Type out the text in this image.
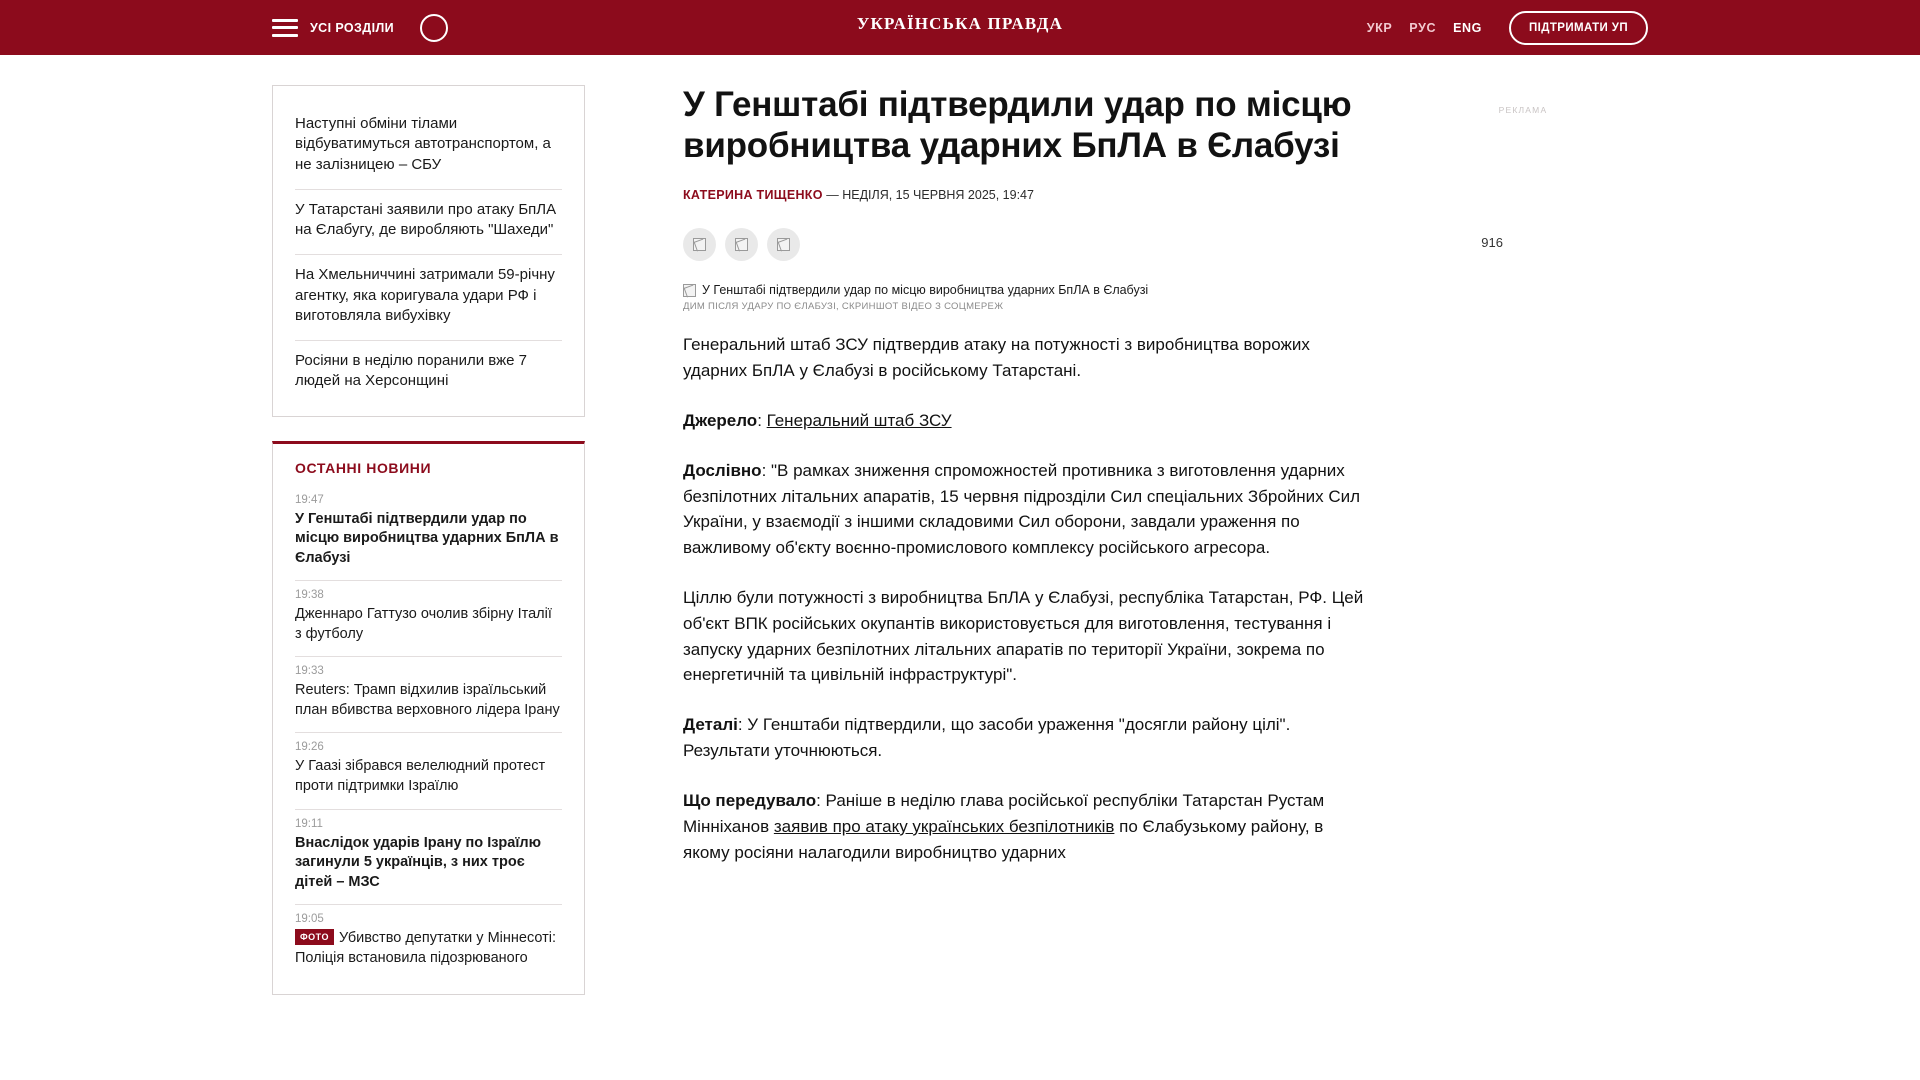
УСІ РОЗДІЛИ	УКРАЇНСЬКА ПРАВДА	УКР РУС ENG	ПІДТРИМАТИ УП
Наступні обміни тілами відбуватимуться автотранспортом, а не залізницею – СБУ
У Татарстані заявили про атаку БпЛА на Єлабугу, де виробляють "Шахеди"
На Хмельниччині затримали 59-річну агентку, яка коригувала удари РФ і виготовляла вибухівку
Росіяни в неділю поранили вже 7 людей на Херсонщині
ОСТАННІ НОВИНИ
19:47
У Генштабі підтвердили удар по місцю виробництва ударних БпЛА в Єлабузі
19:38
Дженнаро Гаттузо очолив збірну Італії з футболу
19:33
Reuters: Трамп відхилив ізраїльський план вбивства верховного лідера Ірану
19:26
У Гаазі зібрався велелюдний протест проти підтримки Ізраїлю
19:11
Внаслідок ударів Ірану по Ізраїлю загинули 5 українців, з них троє дітей – МЗС
19:05
ФОТО Убивство депутатки у Міннесоті: Поліція встановила підозрюваного
У Генштабі підтвердили удар по місцю виробництва ударних БпЛА в Єлабузі
КАТЕРИНА ТИЩЕНКО — НЕДІЛЯ, 15 ЧЕРВНЯ 2025, 19:47
916
У Генштабі підтвердили удар по місцю виробництва ударних БпЛА в Єлабузі
ДИМ ПІСЛЯ УДАРУ ПО ЄЛАБУЗІ, СКРИНШОТ ВІДЕО З СОЦМЕРЕЖ

Генеральний штаб ЗСУ підтвердив атаку на потужності з виробництва ворожих ударних БпЛА у Єлабузі в російському Татарстані.

Джерело: Генеральний штаб ЗСУ

Дослівно: "В рамках зниження спроможностей противника з виготовлення ударних безпілотних літальних апаратів, 15 червня підрозділи Сил спеціальних Збройних Сил України, у взаємодії з іншими складовими Сил оборони, завдали ураження по важливому об'єкту воєнно-промислового комплексу російського агресора.

Ціллю були потужності з виробництва БпЛА у Єлабузі, республіка Татарстан, РФ. Цей об'єкт ВПК російських окупантів використовується для виготовлення, тестування і запуску ударних безпілотних літальних апаратів по території України, зокрема по енергетичній та цивільній інфраструктурі".

Деталі: У Генштаби підтвердили, що засоби ураження "досягли району цілі". Результати уточнюються.

Що передувало: Раніше в неділю глава російської республіки Татарстан Рустам Мінніханов заявив про атаку українських безпілотників по Єлабузькому району, в якому росіяни налагодили виробництво ударних

РЕКЛАМА
